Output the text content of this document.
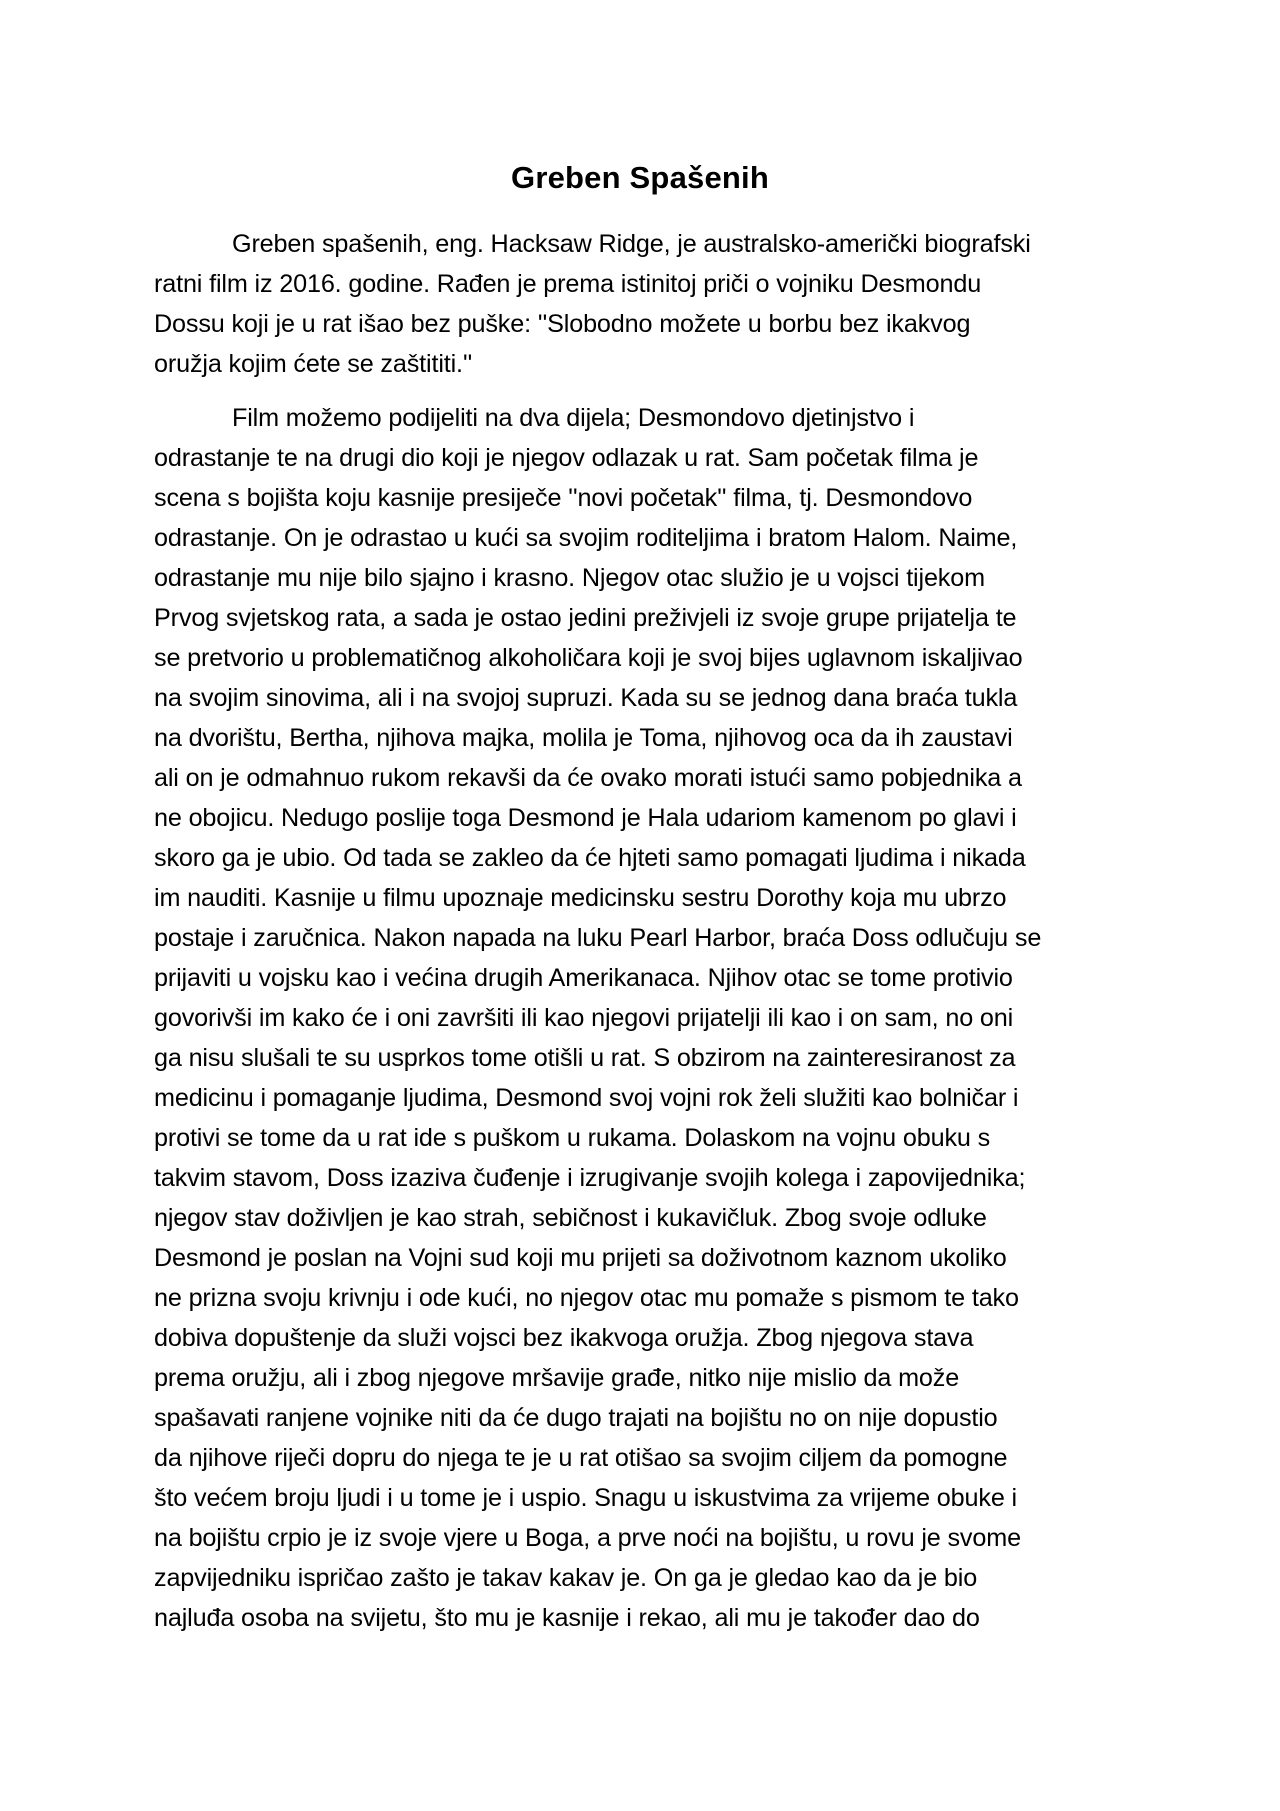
Greben Spašenih
Greben spašenih, eng. Hacksaw Ridge, je australsko-američki biografski
ratni film iz 2016. godine. Rađen je prema istinitoj priči o vojniku Desmondu
Dossu koji je u rat išao bez puške: ''Slobodno možete u borbu bez ikakvog
oružja kojim ćete se zaštititi.''
Film možemo podijeliti na dva dijela; Desmondovo djetinjstvo i
odrastanje te na drugi dio koji je njegov odlazak u rat. Sam početak filma je
scena s bojišta koju kasnije presiječe ''novi početak'' filma, tj. Desmondovo
odrastanje. On je odrastao u kući sa svojim roditeljima i bratom Halom. Naime,
odrastanje mu nije bilo sjajno i krasno. Njegov otac služio je u vojsci tijekom
Prvog svjetskog rata, a sada je ostao jedini preživjeli iz svoje grupe prijatelja te
se pretvorio u problematičnog alkoholičara koji je svoj bijes uglavnom iskaljivao
na svojim sinovima, ali i na svojoj supruzi. Kada su se jednog dana braća tukla
na dvorištu, Bertha, njihova majka, molila je Toma, njihovog oca da ih zaustavi
ali on je odmahnuo rukom rekavši da će ovako morati istući samo pobjednika a
ne obojicu. Nedugo poslije toga Desmond je Hala udariom kamenom po glavi i
skoro ga je ubio. Od tada se zakleo da će hjteti samo pomagati ljudima i nikada
im nauditi. Kasnije u filmu upoznaje medicinsku sestru Dorothy koja mu ubrzo
postaje i zaručnica. Nakon napada na luku Pearl Harbor, braća Doss odlučuju se
prijaviti u vojsku kao i većina drugih Amerikanaca. Njihov otac se tome protivio
govorivši im kako će i oni završiti ili kao njegovi prijatelji ili kao i on sam, no oni
ga nisu slušali te su usprkos tome otišli u rat. S obzirom na zainteresiranost za
medicinu i pomaganje ljudima, Desmond svoj vojni rok želi služiti kao bolničar i
protivi se tome da u rat ide s puškom u rukama. Dolaskom na vojnu obuku s
takvim stavom, Doss izaziva čuđenje i izrugivanje svojih kolega i zapovijednika;
njegov stav doživljen je kao strah, sebičnost i kukavičluk. Zbog svoje odluke
Desmond je poslan na Vojni sud koji mu prijeti sa doživotnom kaznom ukoliko
ne prizna svoju krivnju i ode kući, no njegov otac mu pomaže s pismom te tako
dobiva dopuštenje da služi vojsci bez ikakvoga oružja. Zbog njegova stava
prema oružju, ali i zbog njegove mršavije građe, nitko nije mislio da može
spašavati ranjene vojnike niti da će dugo trajati na bojištu no on nije dopustio
da njihove riječi dopru do njega te je u rat otišao sa svojim ciljem da pomogne
što većem broju ljudi i u tome je i uspio. Snagu u iskustvima za vrijeme obuke i
na bojištu crpio je iz svoje vjere u Boga, a prve noći na bojištu, u rovu je svome
zapvijedniku ispričao zašto je takav kakav je. On ga je gledao kao da je bio
najluđa osoba na svijetu, što mu je kasnije i rekao, ali mu je također dao do
